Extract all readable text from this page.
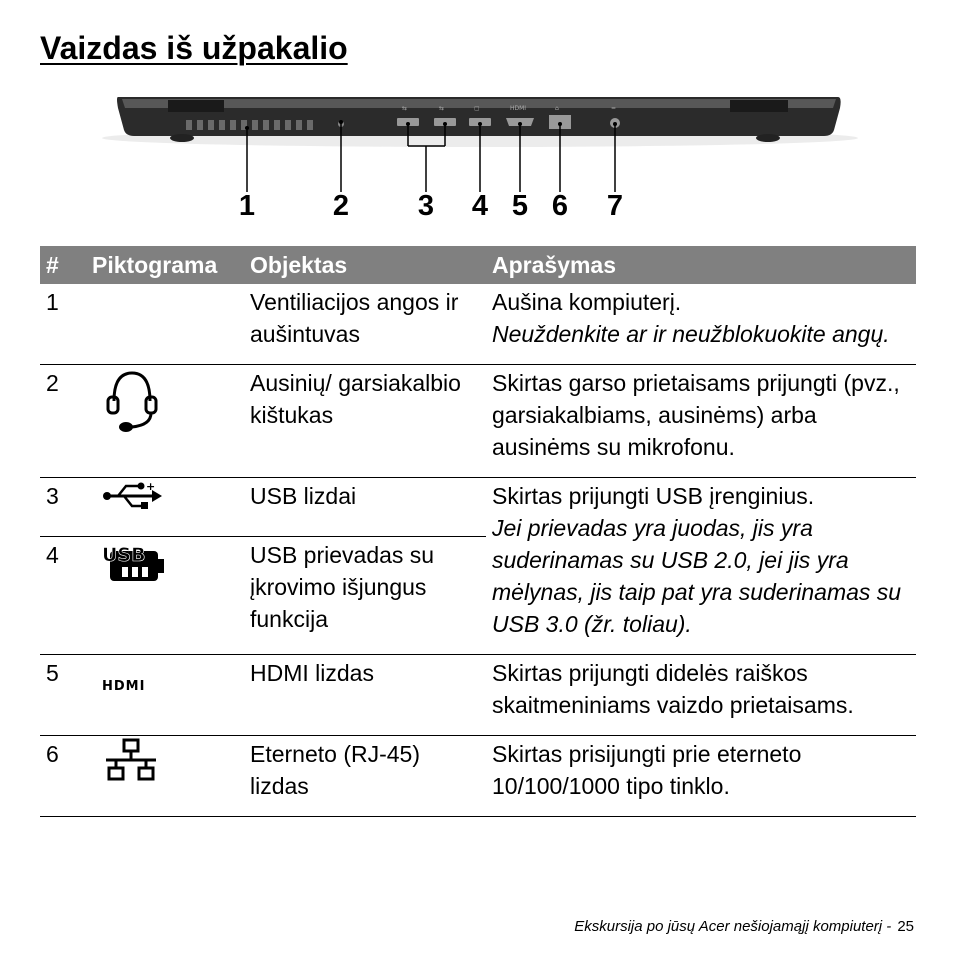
Vaizdas iš užpakalio
⇆	⇆	▢	HDMI	⌂	=
1	2 3 4 5 6 7
#	Piktograma	Objektas	Aprašymas
1		Ventiliacijos angos ir aušintuvas	Aušina kompiuterį.
Neuždenkite ar ir neužblokuokite angų.

2		Ausinių/ garsiakalbio kištukas	Skirtas garso prietaisams prijungti (pvz., garsiakalbiams, ausinėms) arba ausinėms su mikrofonu.
3	+	USB lizdai	Skirtas prijungti USB įrenginius.
Jei prievadas yra juodas, jis yra suderinamas su USB 2.0, jei jis yra mėlynas, jis taip pat yra suderinamas su USB 3.0 (žr. toliau).

4	USB	USB prievadas su įkrovimo išjungus funkcija	
5	HDMI	HDMI lizdas	Skirtas prijungti didelės raiškos skaitmeniniams vaizdo prietaisams.
6		Eterneto (RJ-45) lizdas	Skirtas prisijungti prie eterneto 10/100/1000 tipo tinklo.
Ekskursija po jūsų Acer nešiojamąjį kompiuterį - 25
